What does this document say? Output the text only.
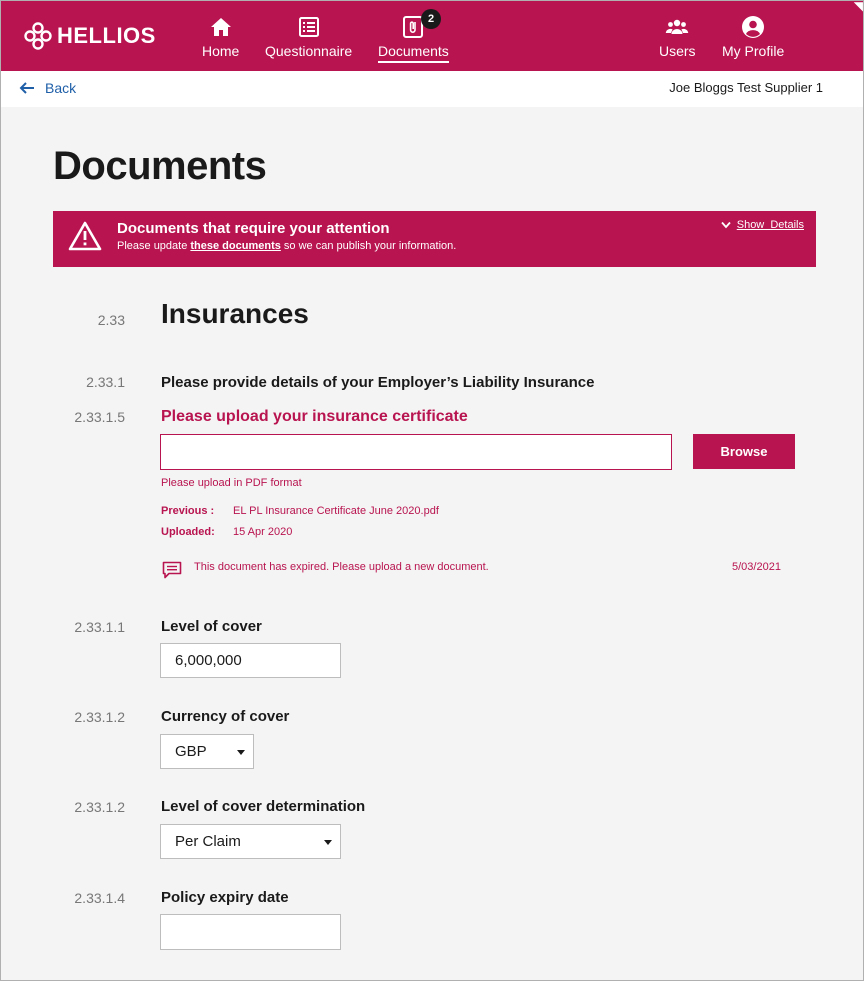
HELLIOS
Home Questionnaire
2
Documents	Users My Profile
◥
Back	Joe Bloggs Test Supplier 1
Documents
Documents that require your attention
Please update these documents so we can publish your information.
Show  Details
2.33 Insurances
2.33.1 Please provide details of your Employer’s Liability Insurance
2.33.1.5 Please upload your insurance certificate
Browse
Please upload in PDF format
Previous : EL PL Insurance Certificate June 2020.pdf
Uploaded: 15 Apr 2020
This document has expired. Please upload a new document.	5/03/2021
2.33.1.1 Level of cover
6,000,000
2.33.1.2 Currency of cover
GBP
2.33.1.2 Level of cover determination
Per Claim
2.33.1.4 Policy expiry date
